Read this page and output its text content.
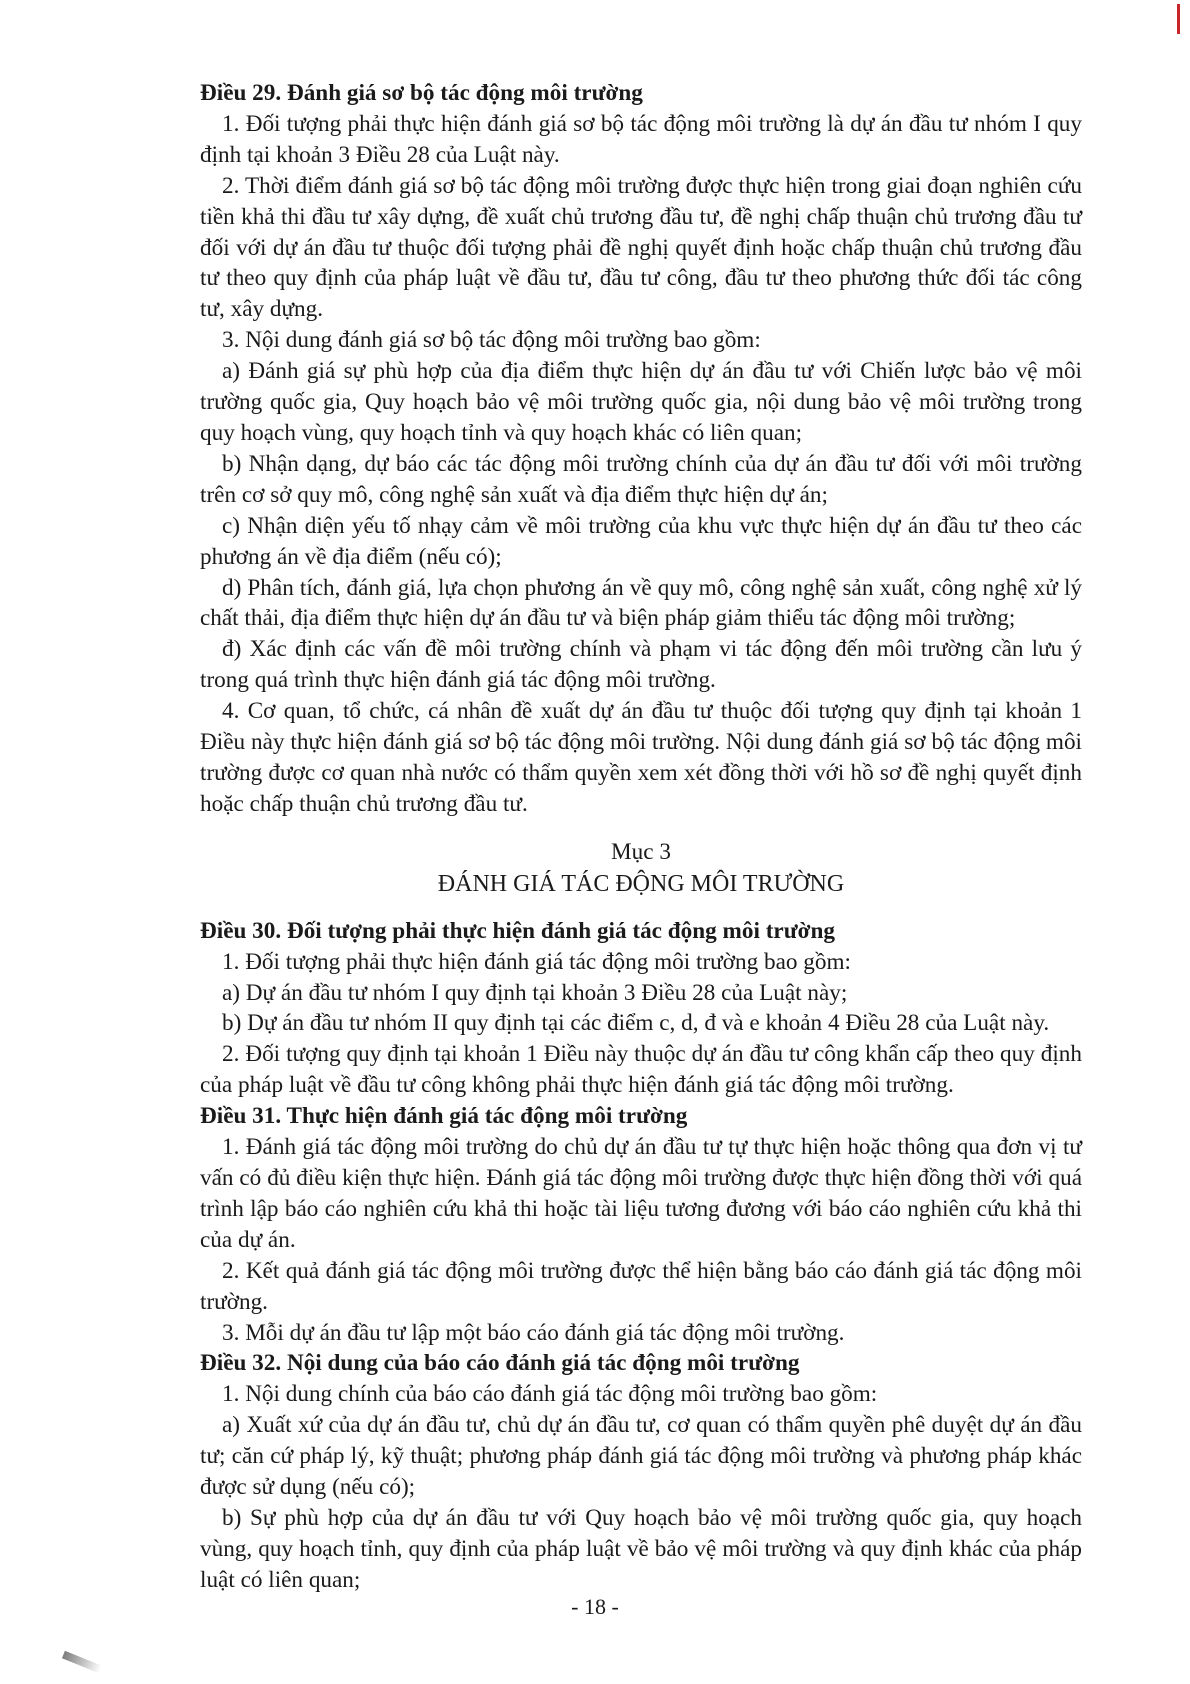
Điều 29. Đánh giá sơ bộ tác động môi trường

1. Đối tượng phải thực hiện đánh giá sơ bộ tác động môi trường là dự án đầu tư nhóm I quy định tại khoản 3 Điều 28 của Luật này.

2. Thời điểm đánh giá sơ bộ tác động môi trường được thực hiện trong giai đoạn nghiên cứu tiền khả thi đầu tư xây dựng, đề xuất chủ trương đầu tư, đề nghị chấp thuận chủ trương đầu tư đối với dự án đầu tư thuộc đối tượng phải đề nghị quyết định hoặc chấp thuận chủ trương đầu tư theo quy định của pháp luật về đầu tư, đầu tư công, đầu tư theo phương thức đối tác công tư, xây dựng.

3. Nội dung đánh giá sơ bộ tác động môi trường bao gồm:

a) Đánh giá sự phù hợp của địa điểm thực hiện dự án đầu tư với Chiến lược bảo vệ môi trường quốc gia, Quy hoạch bảo vệ môi trường quốc gia, nội dung bảo vệ môi trường trong quy hoạch vùng, quy hoạch tỉnh và quy hoạch khác có liên quan;

b) Nhận dạng, dự báo các tác động môi trường chính của dự án đầu tư đối với môi trường trên cơ sở quy mô, công nghệ sản xuất và địa điểm thực hiện dự án;

c) Nhận diện yếu tố nhạy cảm về môi trường của khu vực thực hiện dự án đầu tư theo các phương án về địa điểm (nếu có);

d) Phân tích, đánh giá, lựa chọn phương án về quy mô, công nghệ sản xuất, công nghệ xử lý chất thải, địa điểm thực hiện dự án đầu tư và biện pháp giảm thiểu tác động môi trường;

đ) Xác định các vấn đề môi trường chính và phạm vi tác động đến môi trường cần lưu ý trong quá trình thực hiện đánh giá tác động môi trường.

4. Cơ quan, tổ chức, cá nhân đề xuất dự án đầu tư thuộc đối tượng quy định tại khoản 1 Điều này thực hiện đánh giá sơ bộ tác động môi trường. Nội dung đánh giá sơ bộ tác động môi trường được cơ quan nhà nước có thẩm quyền xem xét đồng thời với hồ sơ đề nghị quyết định hoặc chấp thuận chủ trương đầu tư.

Mục 3
ĐÁNH GIÁ TÁC ĐỘNG MÔI TRƯỜNG
Điều 30. Đối tượng phải thực hiện đánh giá tác động môi trường

1. Đối tượng phải thực hiện đánh giá tác động môi trường bao gồm:

a) Dự án đầu tư nhóm I quy định tại khoản 3 Điều 28 của Luật này;

b) Dự án đầu tư nhóm II quy định tại các điểm c, d, đ và e khoản 4 Điều 28 của Luật này.

2. Đối tượng quy định tại khoản 1 Điều này thuộc dự án đầu tư công khẩn cấp theo quy định của pháp luật về đầu tư công không phải thực hiện đánh giá tác động môi trường.

Điều 31. Thực hiện đánh giá tác động môi trường

1. Đánh giá tác động môi trường do chủ dự án đầu tư tự thực hiện hoặc thông qua đơn vị tư vấn có đủ điều kiện thực hiện. Đánh giá tác động môi trường được thực hiện đồng thời với quá trình lập báo cáo nghiên cứu khả thi hoặc tài liệu tương đương với báo cáo nghiên cứu khả thi của dự án.

2. Kết quả đánh giá tác động môi trường được thể hiện bằng báo cáo đánh giá tác động môi trường.

3. Mỗi dự án đầu tư lập một báo cáo đánh giá tác động môi trường.

Điều 32. Nội dung của báo cáo đánh giá tác động môi trường

1. Nội dung chính của báo cáo đánh giá tác động môi trường bao gồm:

a) Xuất xứ của dự án đầu tư, chủ dự án đầu tư, cơ quan có thẩm quyền phê duyệt dự án đầu tư; căn cứ pháp lý, kỹ thuật; phương pháp đánh giá tác động môi trường và phương pháp khác được sử dụng (nếu có);

b) Sự phù hợp của dự án đầu tư với Quy hoạch bảo vệ môi trường quốc gia, quy hoạch vùng, quy hoạch tỉnh, quy định của pháp luật về bảo vệ môi trường và quy định khác của pháp luật có liên quan;

- 18 -
